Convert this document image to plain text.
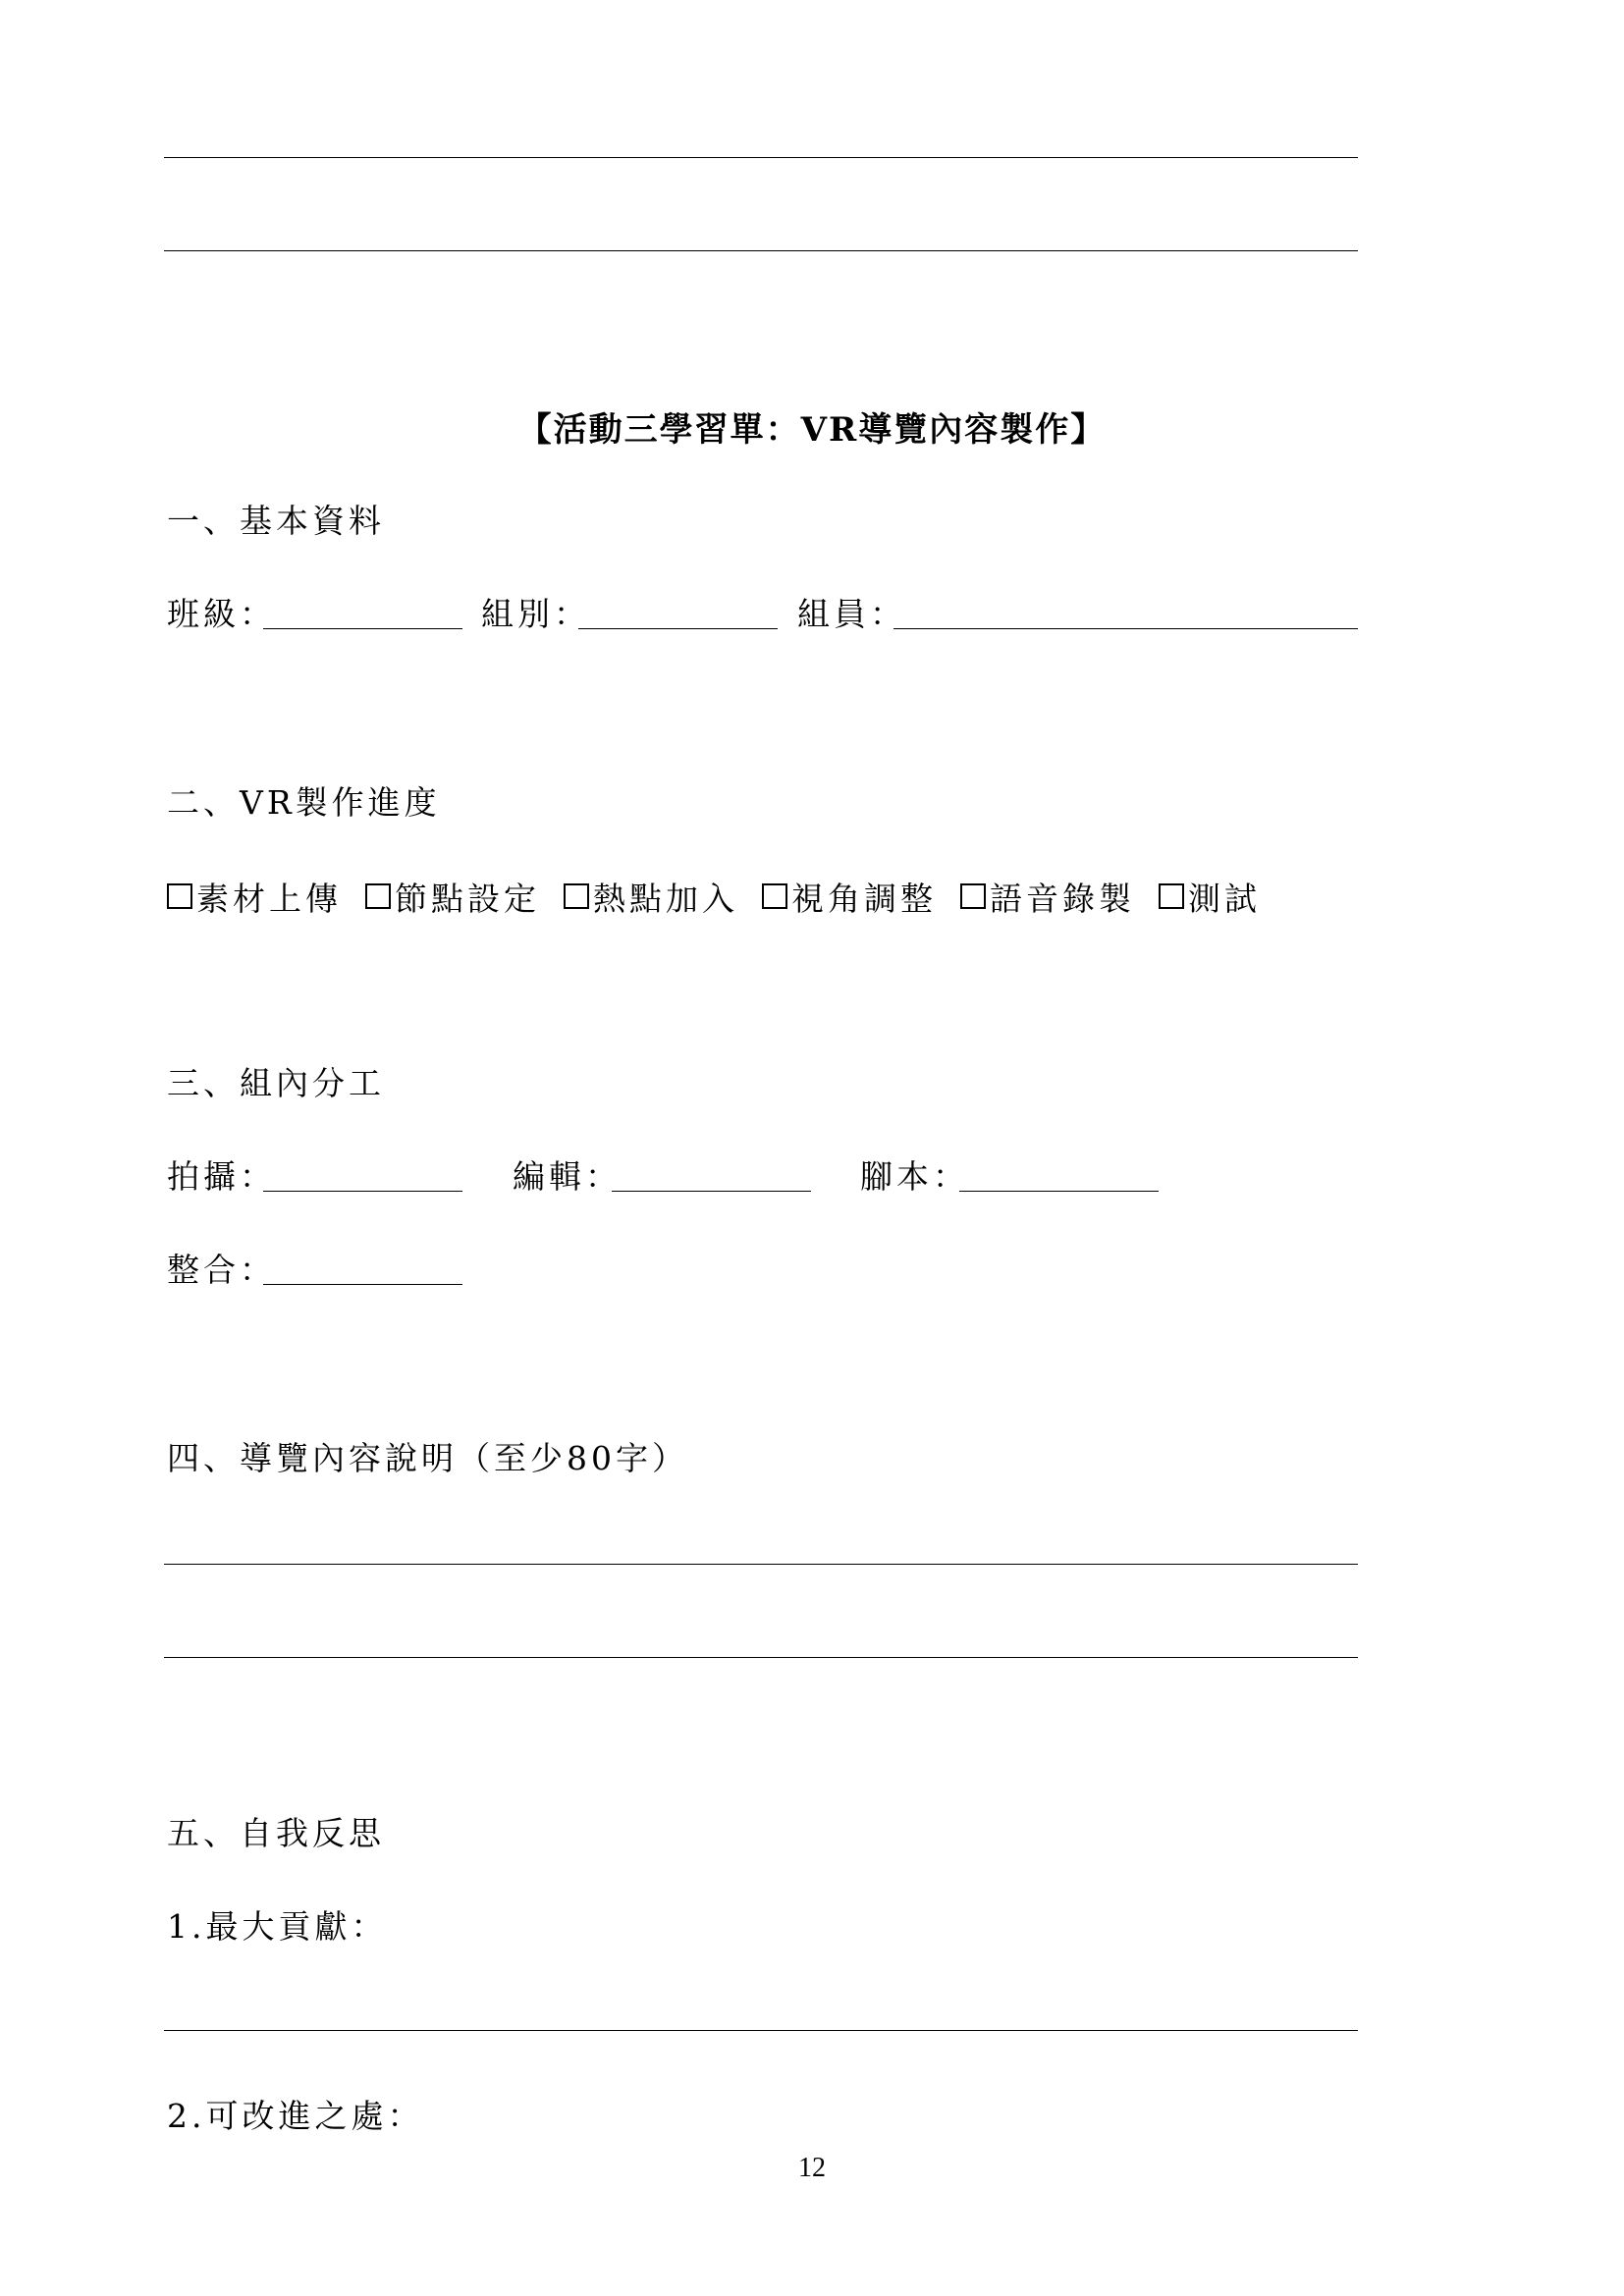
【活動三學習單：VR導覽內容製作】
一、基本資料
班級：	組別：	組員：
二、VR製作進度
素材上傳 節點設定 熱點加入 視角調整 語音錄製 測試
三、組內分工
拍攝：	編輯：	腳本：
整合：
四、導覽內容說明（至少80字）
五、自我反思
1.最大貢獻：
2.可改進之處：
12
